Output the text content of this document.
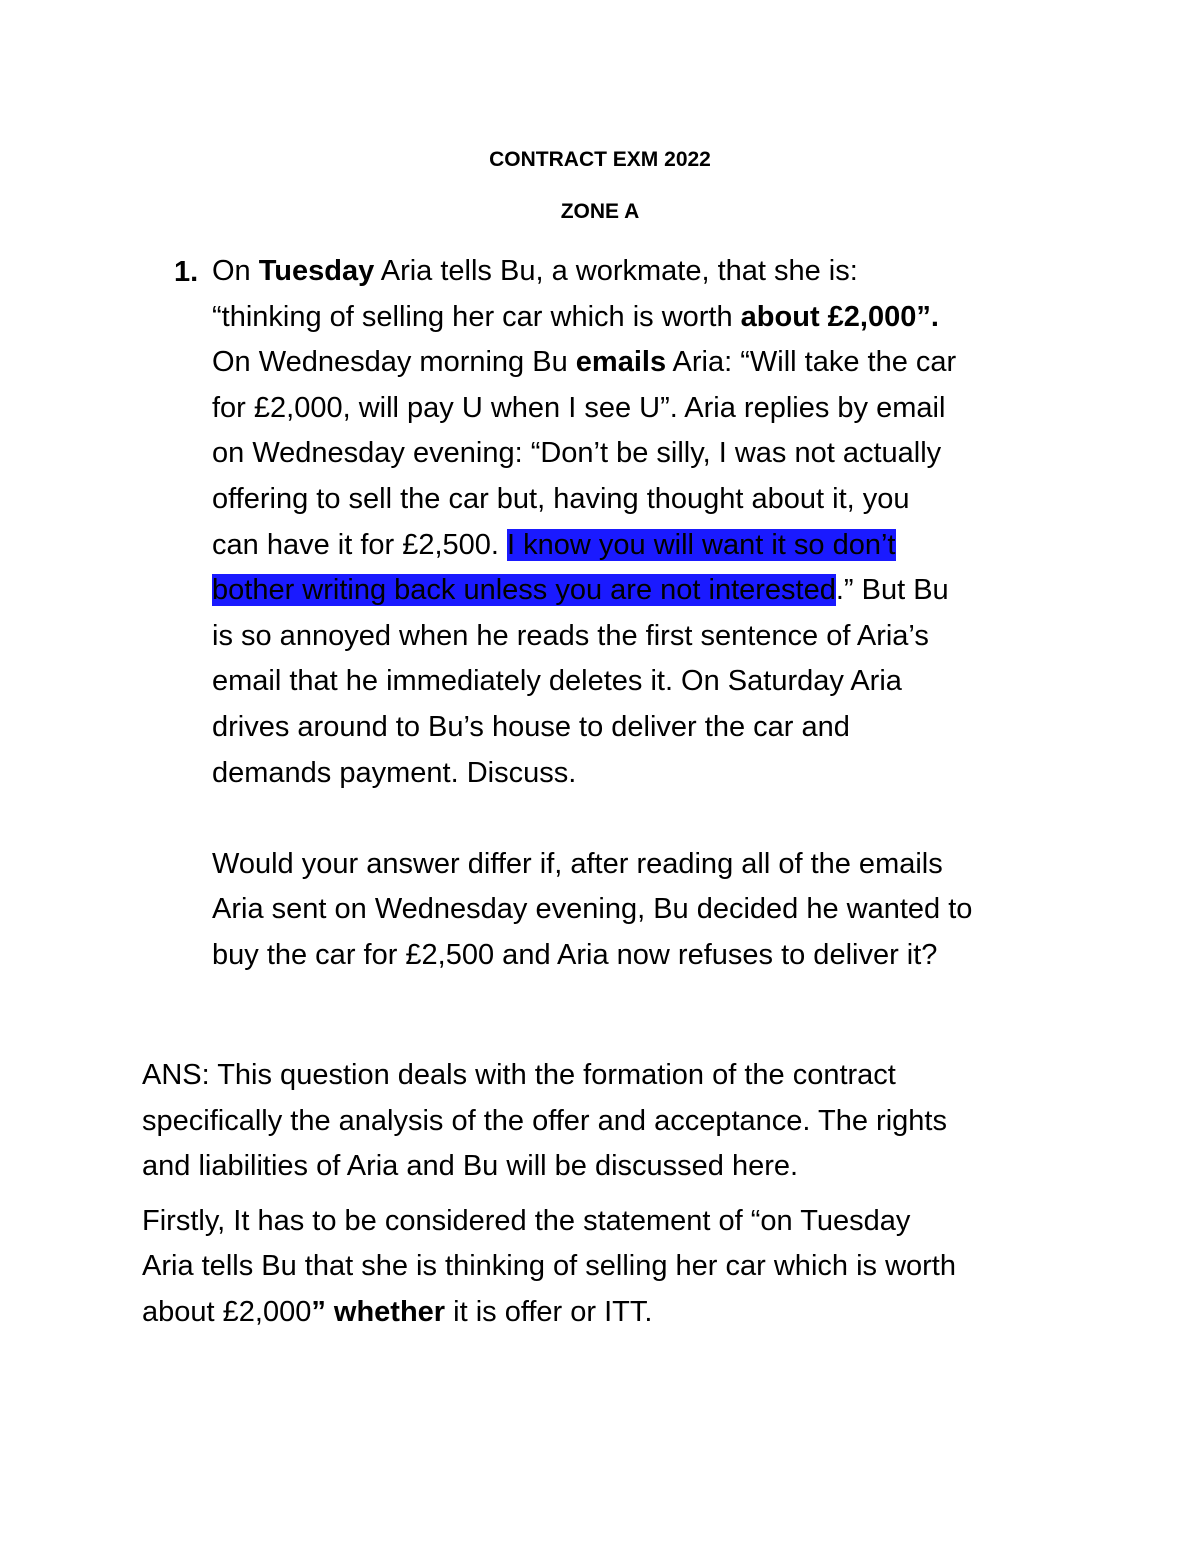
CONTRACT EXM 2022
ZONE A
1. On Tuesday Aria tells Bu, a workmate, that she is:
“thinking of selling her car which is worth about £2,000”.
On Wednesday morning Bu emails Aria: “Will take the car
for £2,000, will pay U when I see U”. Aria replies by email
on Wednesday evening: “Don’t be silly, I was not actually
offering to sell the car but, having thought about it, you
can have it for £2,500. I know you will want it so don’t
bother writing back unless you are not interested.” But Bu
is so annoyed when he reads the first sentence of Aria’s
email that he immediately deletes it. On Saturday Aria
drives around to Bu’s house to deliver the car and
demands payment. Discuss.
Would your answer differ if, after reading all of the emails
Aria sent on Wednesday evening, Bu decided he wanted to
buy the car for £2,500 and Aria now refuses to deliver it?

ANS: This question deals with the formation of the contract
specifically the analysis of the offer and acceptance. The rights
and liabilities of Aria and Bu will be discussed here.

Firstly, It has to be considered the statement of “on Tuesday
Aria tells Bu that she is thinking of selling her car which is worth
about £2,000” whether it is offer or ITT.
